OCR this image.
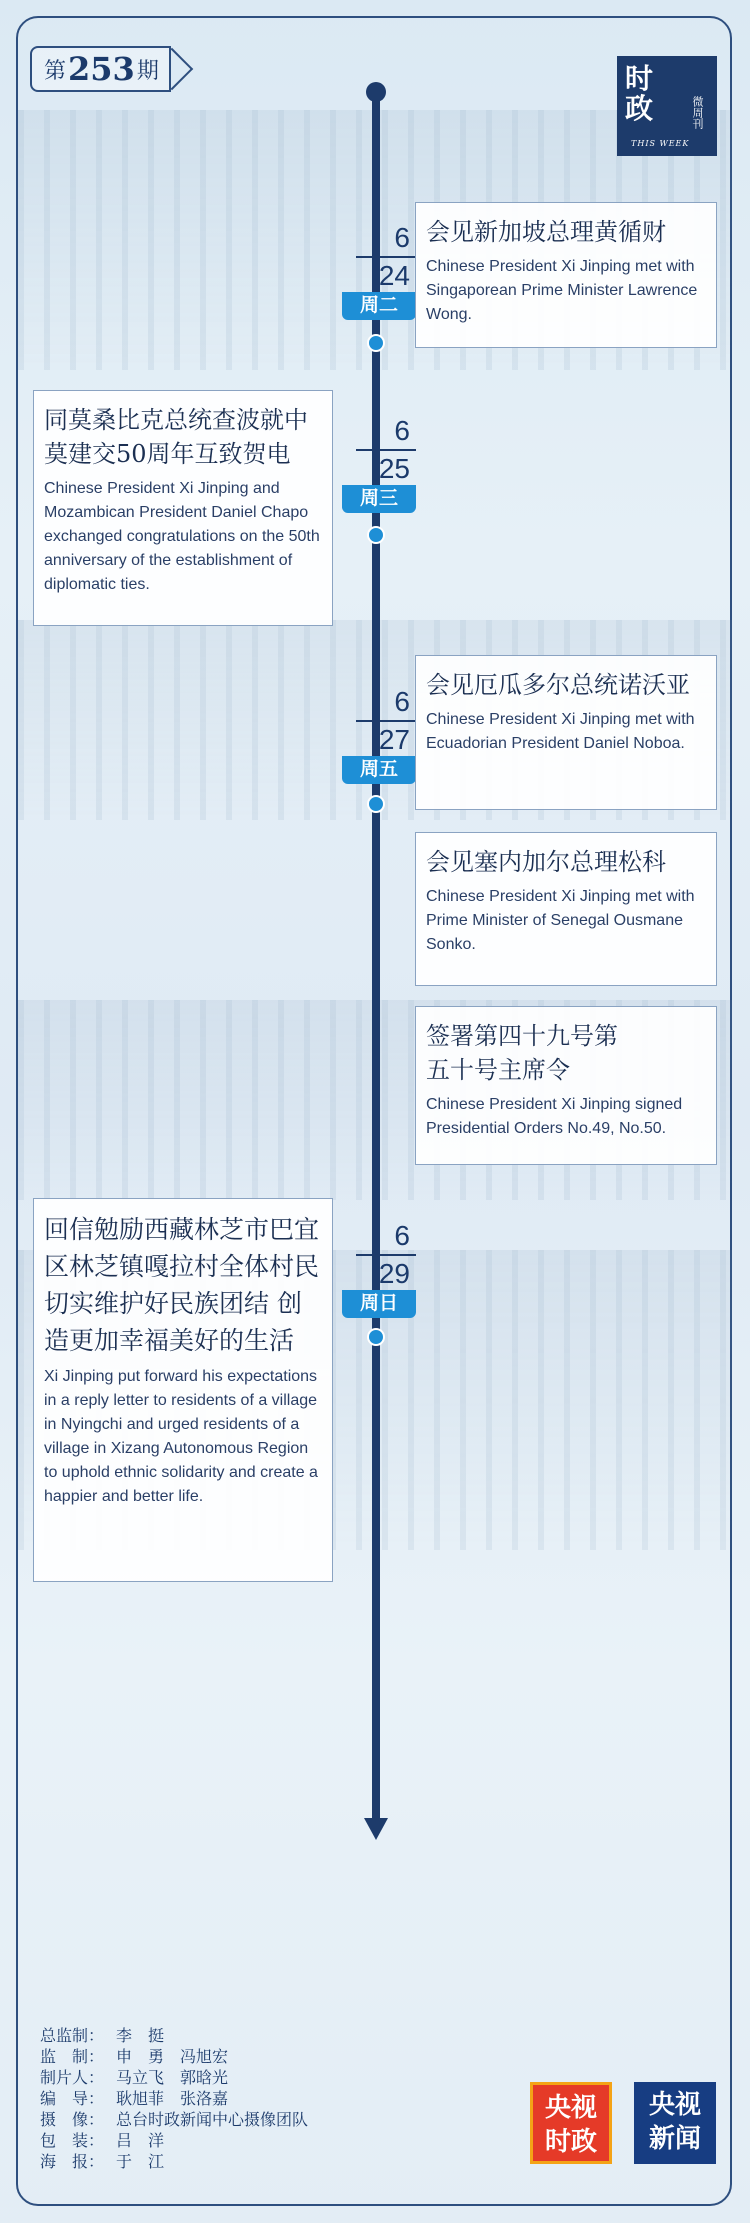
第 253 期	时政	微周刊
THIS WEEK
6
24
周二
6
25
周三
6
27
周五
6
29
周日
会见新加坡总理黄循财
Chinese President Xi Jinping met with Singaporean Prime Minister Lawrence Wong.
同莫桑比克总统查波就中莫建交50周年互致贺电
Chinese President Xi Jinping and Mozambican President Daniel Chapo exchanged congratulations on the 50th anniversary of the establishment of diplomatic ties.
会见厄瓜多尔总统诺沃亚
Chinese President Xi Jinping met with Ecuadorian President Daniel Noboa.
会见塞内加尔总理松科
Chinese President Xi Jinping met with Prime Minister of Senegal Ousmane Sonko.
签署第四十九号第五十号主席令
Chinese President Xi Jinping signed Presidential Orders No.49, No.50.
回信勉励西藏林芝市巴宜区林芝镇嘎拉村全体村民 切实维护好民族团结 创造更加幸福美好的生活
Xi Jinping put forward his expectations in a reply letter to residents of a village in Nyingchi and urged residents of a village in Xizang Autonomous Region to uphold ethnic solidarity and create a happier and better life.
总监制： 李　挺
监　制： 申　勇　冯旭宏
制片人： 马立飞　郭晗光
编　导： 耿旭菲　张洛嘉
摄　像： 总台时政新闻中心摄像团队
包　装： 吕　洋
海　报： 于　江
央视
时政
央视
新闻
